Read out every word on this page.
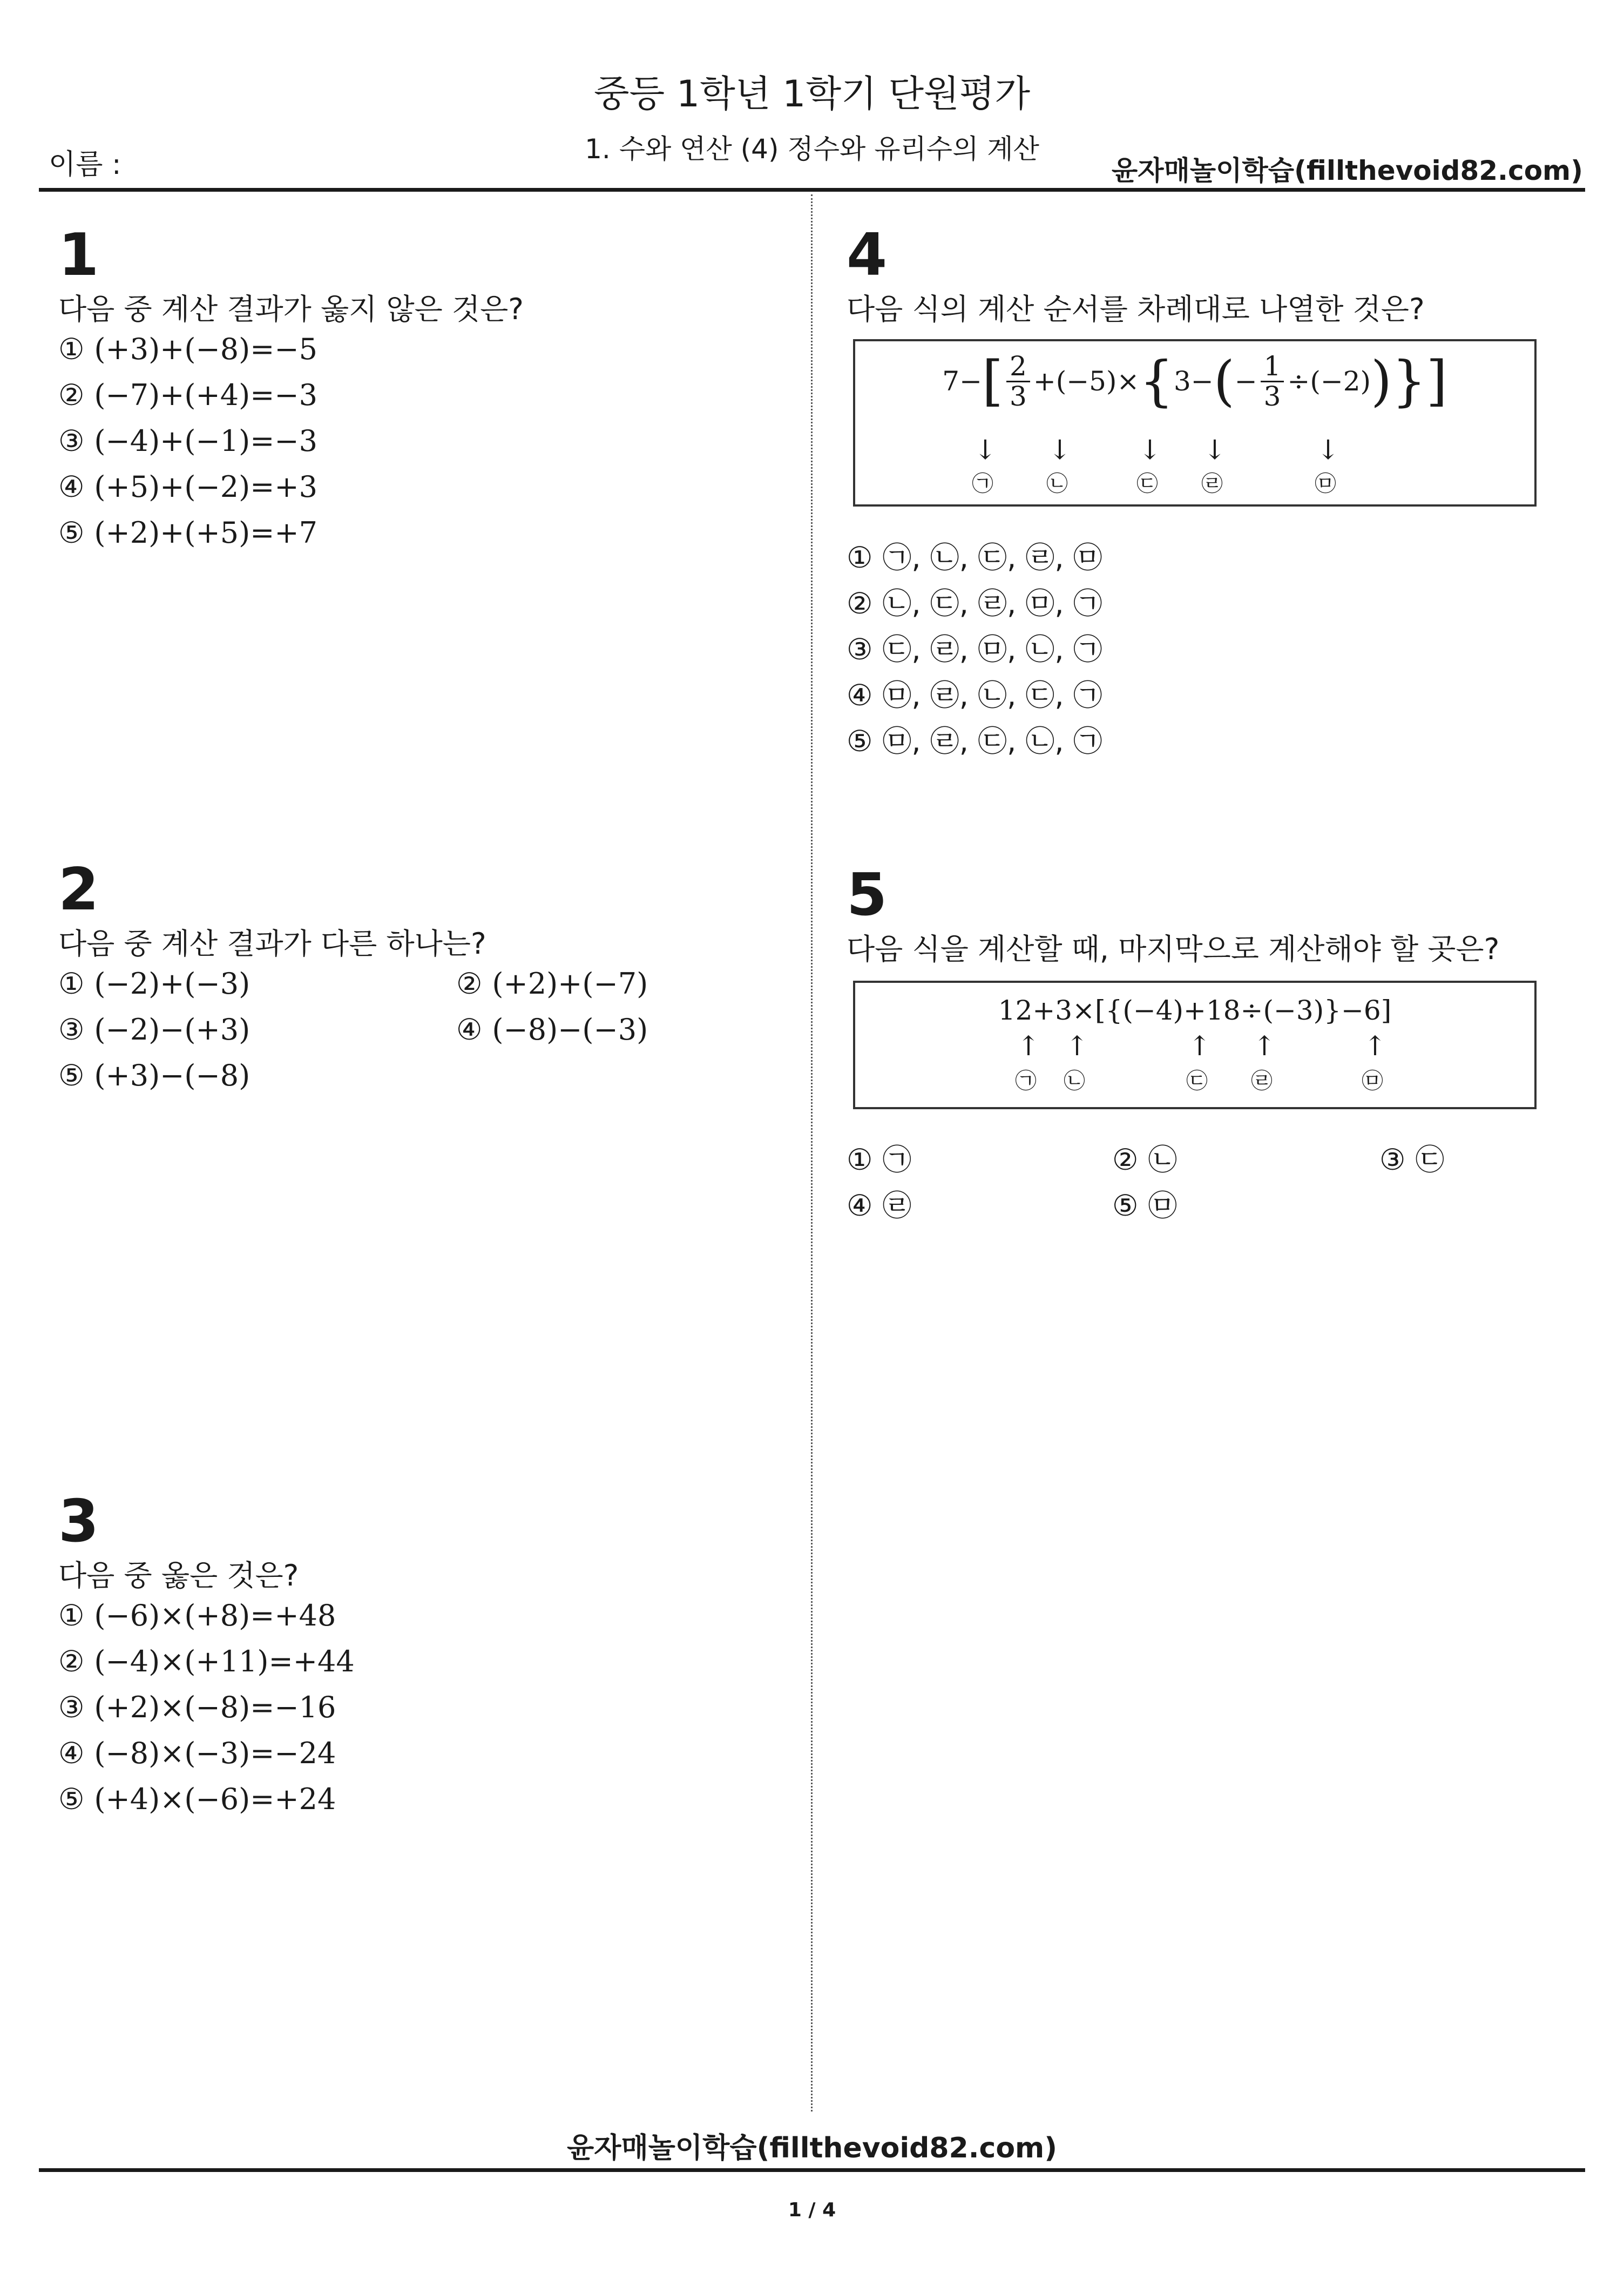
중등 1학년 1학기 단원평가
1. 수와 연산 (4) 정수와 유리수의 계산
이름 :	윤자매놀이학습(fillthevoid82.com)
1
다음 중 계산 결과가 옳지 않은 것은?
① (+3)+(−8)=−5
② (−7)+(+4)=−3
③ (−4)+(−1)=−3
④ (+5)+(−2)=+3
⑤ (+2)+(+5)=+7
2
다음 중 계산 결과가 다른 하나는?
① (−2)+(−3)	② (+2)+(−7)
③ (−2)−(+3)	④ (−8)−(−3)
⑤ (+3)−(−8)
3
다음 중 옳은 것은?
① (−6)×(+8)=+48
② (−4)×(+11)=+44
③ (+2)×(−8)=−16
④ (−8)×(−3)=−24
⑤ (+4)×(−6)=+24
4
다음 식의 계산 순서를 차례대로 나열한 것은?
7− [ $\frac{2}{3} +(-5)\times$ { 3− ( − $\frac{1}{3} \div(-2)$ ) } ]
↓ ↓	↓ ↓	↓
㉠ ㉡	㉢ ㉣	㉤
① ㉠, ㉡, ㉢, ㉣, ㉤
② ㉡, ㉢, ㉣, ㉤, ㉠
③ ㉢, ㉣, ㉤, ㉡, ㉠
④ ㉤, ㉣, ㉡, ㉢, ㉠
⑤ ㉤, ㉣, ㉢, ㉡, ㉠
5
다음 식을 계산할 때, 마지막으로 계산해야 할 곳은?
12+3×[{(−4)+18÷(−3)}−6]
↑ ↑	↑ ↑	↑
㉠ ㉡	㉢ ㉣	㉤
① ㉠	② ㉡	③ ㉢
④ ㉣	⑤ ㉤
윤자매놀이학습(fillthevoid82.com)
1 / 4
